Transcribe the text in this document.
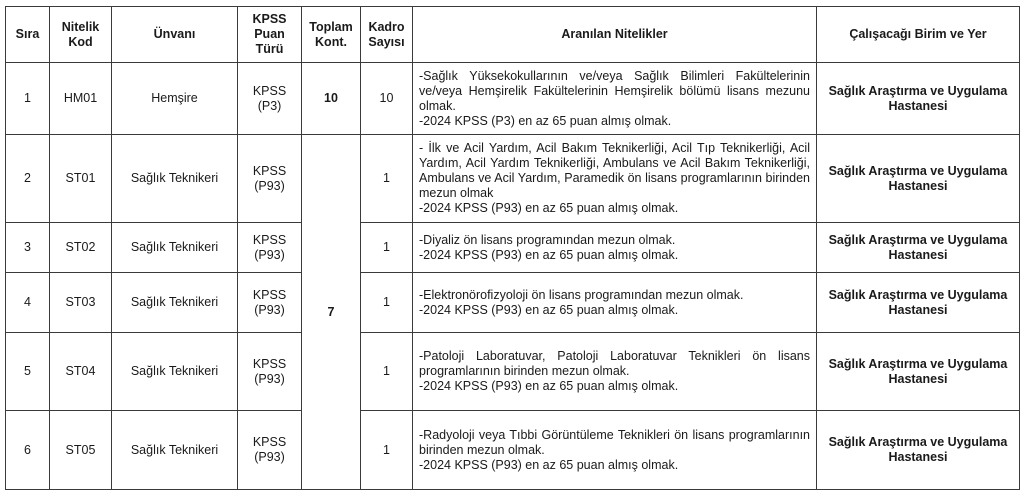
Sıra	Nitelik Kod	Ünvanı	KPSS Puan Türü	Toplam Kont.	Kadro Sayısı	Aranılan Nitelikler	Çalışacağı Birim ve Yer
1	HM01	Hemşire	KPSS (P3)	10	10	-Sağlık Yüksekokullarının ve/veya Sağlık Bilimleri Fakültelerinin ve/veya Hemşirelik Fakültelerinin Hemşirelik bölümü lisans mezunu olmak.
-2024 KPSS (P3) en az 65 puan almış olmak.	Sağlık Araştırma ve Uygulama Hastanesi
2	ST01	Sağlık Teknikeri	KPSS (P93)	7	1	- İlk ve Acil Yardım, Acil Bakım Teknikerliği, Acil Tıp Teknikerliği, Acil Yardım, Acil Yardım Teknikerliği, Ambulans ve Acil Bakım Teknikerliği, Ambulans ve Acil Yardım, Paramedik ön lisans programlarının birinden mezun olmak
-2024 KPSS (P93) en az 65 puan almış olmak.	Sağlık Araştırma ve Uygulama Hastanesi
3	ST02	Sağlık Teknikeri	KPSS (P93)		1	-Diyaliz ön lisans programından mezun olmak.
-2024 KPSS (P93) en az 65 puan almış olmak.	Sağlık Araştırma ve Uygulama Hastanesi
4	ST03	Sağlık Teknikeri	KPSS (P93)		1	-Elektronörofizyoloji ön lisans programından mezun olmak.
-2024 KPSS (P93) en az 65 puan almış olmak.	Sağlık Araştırma ve Uygulama Hastanesi
5	ST04	Sağlık Teknikeri	KPSS (P93)		1	-Patoloji Laboratuvar, Patoloji Laboratuvar Teknikleri ön lisans programlarının birinden mezun olmak.
-2024 KPSS (P93) en az 65 puan almış olmak.	Sağlık Araştırma ve Uygulama Hastanesi
6	ST05	Sağlık Teknikeri	KPSS (P93)		1	-Radyoloji veya Tıbbi Görüntüleme Teknikleri ön lisans programlarının birinden mezun olmak.
-2024 KPSS (P93) en az 65 puan almış olmak.	Sağlık Araştırma ve Uygulama Hastanesi
